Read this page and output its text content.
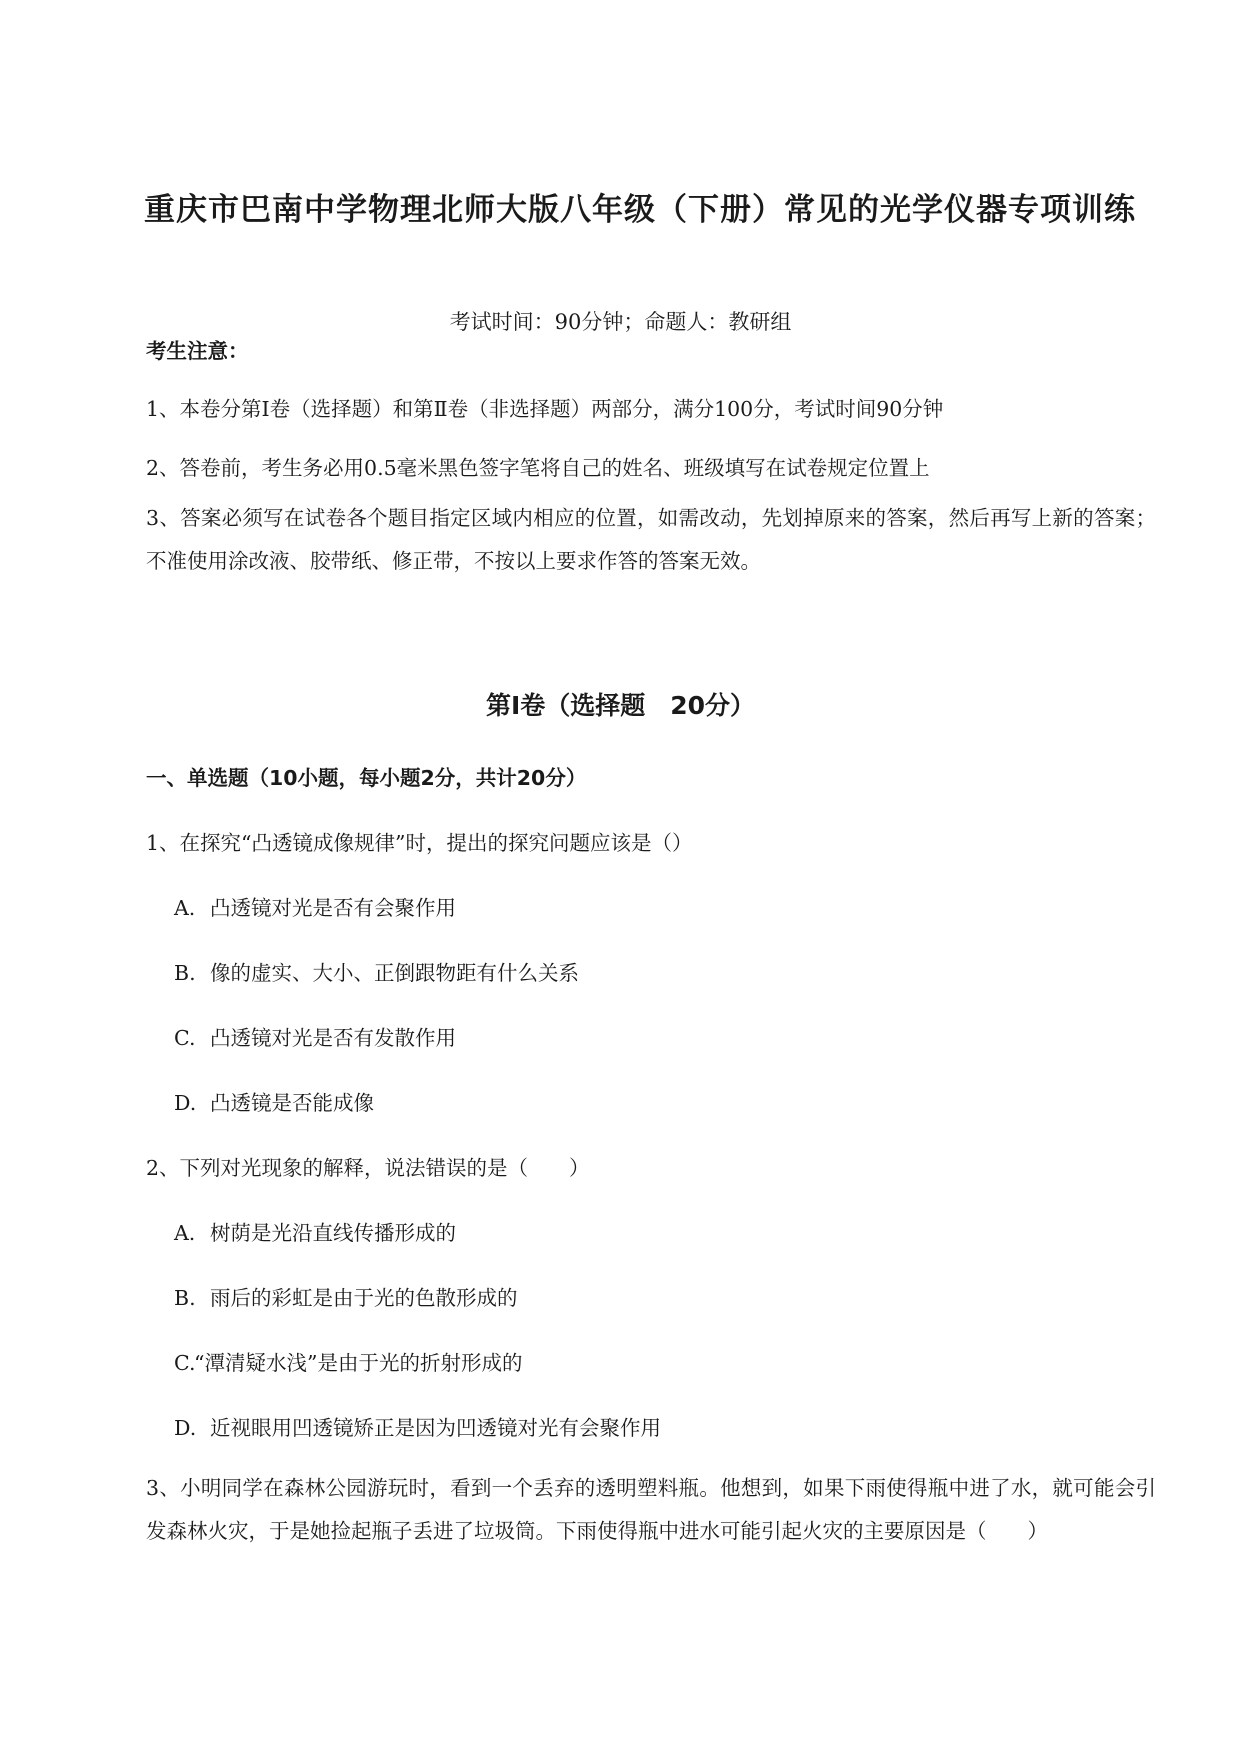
重庆市巴南中学物理北师大版八年级（下册）常见的光学仪器专项训练
考试时间：90分钟；命题人：教研组
考生注意：
1、本卷分第Ⅰ卷（选择题）和第Ⅱ卷（非选择题）两部分，满分100分，考试时间90分钟
2、答卷前，考生务必用0.5毫米黑色签字笔将自己的姓名、班级填写在试卷规定位置上
3、答案必须写在试卷各个题目指定区域内相应的位置，如需改动，先划掉原来的答案，然后再写上新的答案；不准使用涂改液、胶带纸、修正带，不按以上要求作答的答案无效。
第Ⅰ卷（选择题　20分）
一、单选题（10小题，每小题2分，共计20分）
1、在探究“凸透镜成像规律”时，提出的探究问题应该是（）
A. 凸透镜对光是否有会聚作用
B. 像的虚实、大小、正倒跟物距有什么关系
C. 凸透镜对光是否有发散作用
D. 凸透镜是否能成像
2、下列对光现象的解释，说法错误的是（　　）
A. 树荫是光沿直线传播形成的
B. 雨后的彩虹是由于光的色散形成的
C.“潭清疑水浅”是由于光的折射形成的
D. 近视眼用凹透镜矫正是因为凹透镜对光有会聚作用
3、小明同学在森林公园游玩时，看到一个丢弃的透明塑料瓶。他想到，如果下雨使得瓶中进了水，就可能会引发森林火灾，于是她捡起瓶子丢进了垃圾筒。下雨使得瓶中进水可能引起火灾的主要原因是（　　）
